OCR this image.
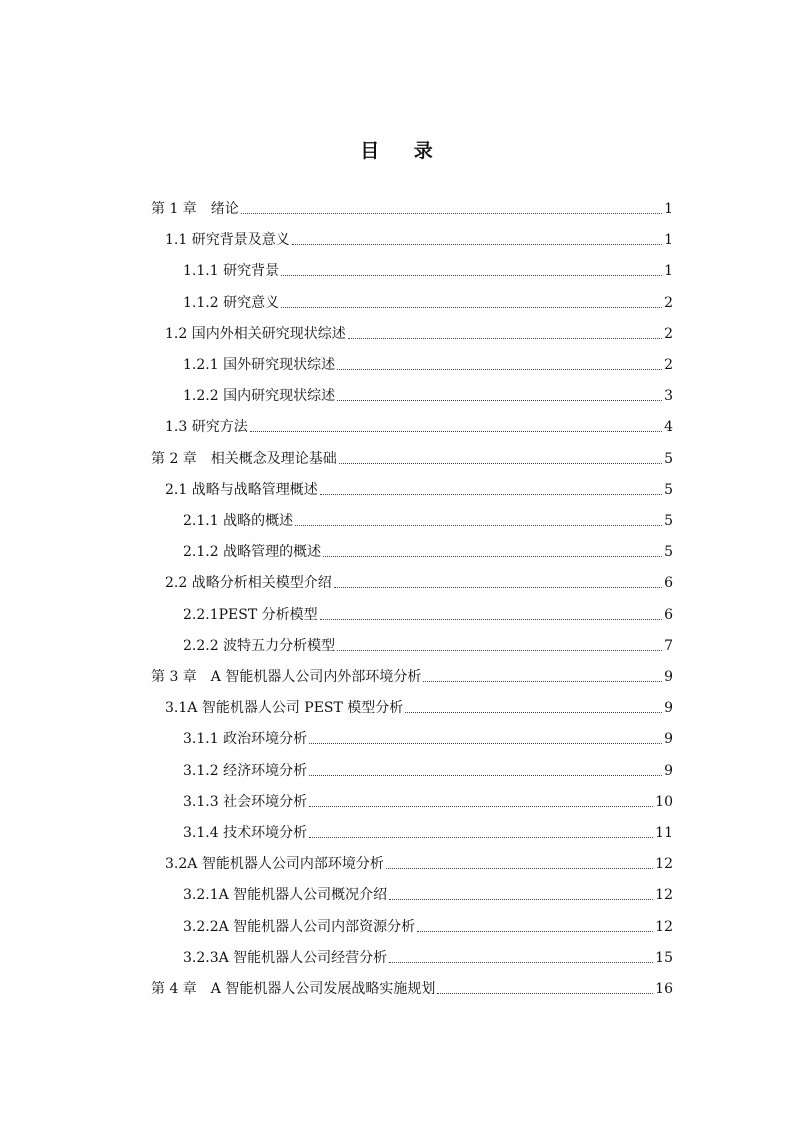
目 录
第 1 章　绪论	1
1.1 研究背景及意义	1
1.1.1 研究背景	1
1.1.2 研究意义	2
1.2 国内外相关研究现状综述	2
1.2.1 国外研究现状综述	2
1.2.2 国内研究现状综述	3
1.3 研究方法	4
第 2 章　相关概念及理论基础	5
2.1 战略与战略管理概述	5
2.1.1 战略的概述	5
2.1.2 战略管理的概述	5
2.2 战略分析相关模型介绍	6
2.2.1PEST 分析模型	6
2.2.2 波特五力分析模型	7
第 3 章　A 智能机器人公司内外部环境分析	9
3.1A 智能机器人公司 PEST 模型分析	9
3.1.1 政治环境分析	9
3.1.2 经济环境分析	9
3.1.3 社会环境分析	10
3.1.4 技术环境分析	11
3.2A 智能机器人公司内部环境分析	12
3.2.1A 智能机器人公司概况介绍	12
3.2.2A 智能机器人公司内部资源分析	12
3.2.3A 智能机器人公司经营分析	15
第 4 章　A 智能机器人公司发展战略实施规划	16
